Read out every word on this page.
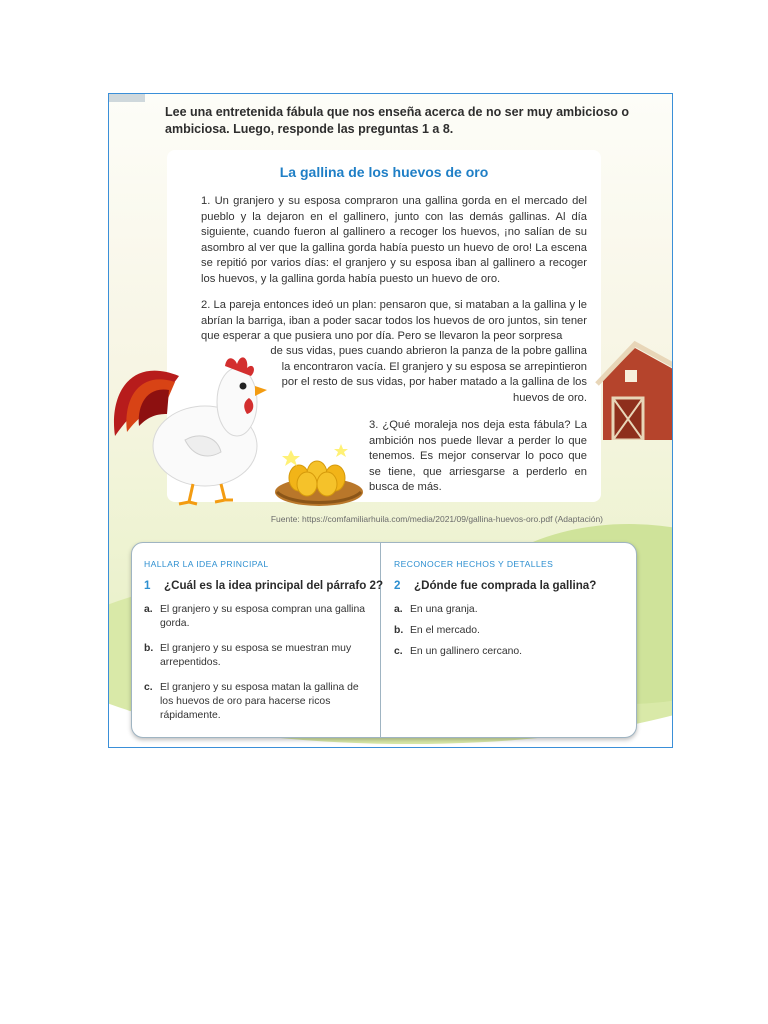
Lee una entretenida fábula que nos enseña acerca de no ser muy ambicioso o ambiciosa. Luego, responde las preguntas 1 a 8.

La gallina de los huevos de oro

1. Un granjero y su esposa compraron una gallina gorda en el mercado del pueblo y la dejaron en el gallinero, junto con las demás gallinas. Al día siguiente, cuando fueron al gallinero a recoger los huevos, ¡no salían de su asombro al ver que la gallina gorda había puesto un huevo de oro! La escena se repitió por varios días: el granjero y su esposa iban al gallinero a recoger los huevos, y la gallina gorda había puesto un huevo de oro.

2. La pareja entonces ideó un plan: pensaron que, si mataban a la gallina y le abrían la barriga, iban a poder sacar todos los huevos de oro juntos, sin tener que esperar a que pusiera uno por día. Pero se llevaron la peor sorpresa

de sus vidas, pues cuando abrieron la panza de la pobre gallina la encontraron vacía. El granjero y su esposa se arrepintieron por el resto de sus vidas, por haber matado a la gallina de los huevos de oro.

3. ¿Qué moraleja nos deja esta fábula? La ambición nos puede llevar a perder lo que tenemos. Es mejor conservar lo poco que se tiene, que arriesgarse a perderlo en busca de más.

Fuente: https://comfamiliarhuila.com/media/2021/09/gallina-huevos-oro.pdf (Adaptación)

HALLAR LA IDEA PRINCIPAL

1 ¿Cuál es la idea principal del párrafo 2?

a. El granjero y su esposa compran una gallina gorda.
b. El granjero y su esposa se muestran muy arrepentidos.
c. El granjero y su esposa matan la gallina de los huevos de oro para hacerse ricos rápidamente.

RECONOCER HECHOS Y DETALLES

2 ¿Dónde fue comprada la gallina?

a. En una granja.
b. En el mercado.
c. En un gallinero cercano.
